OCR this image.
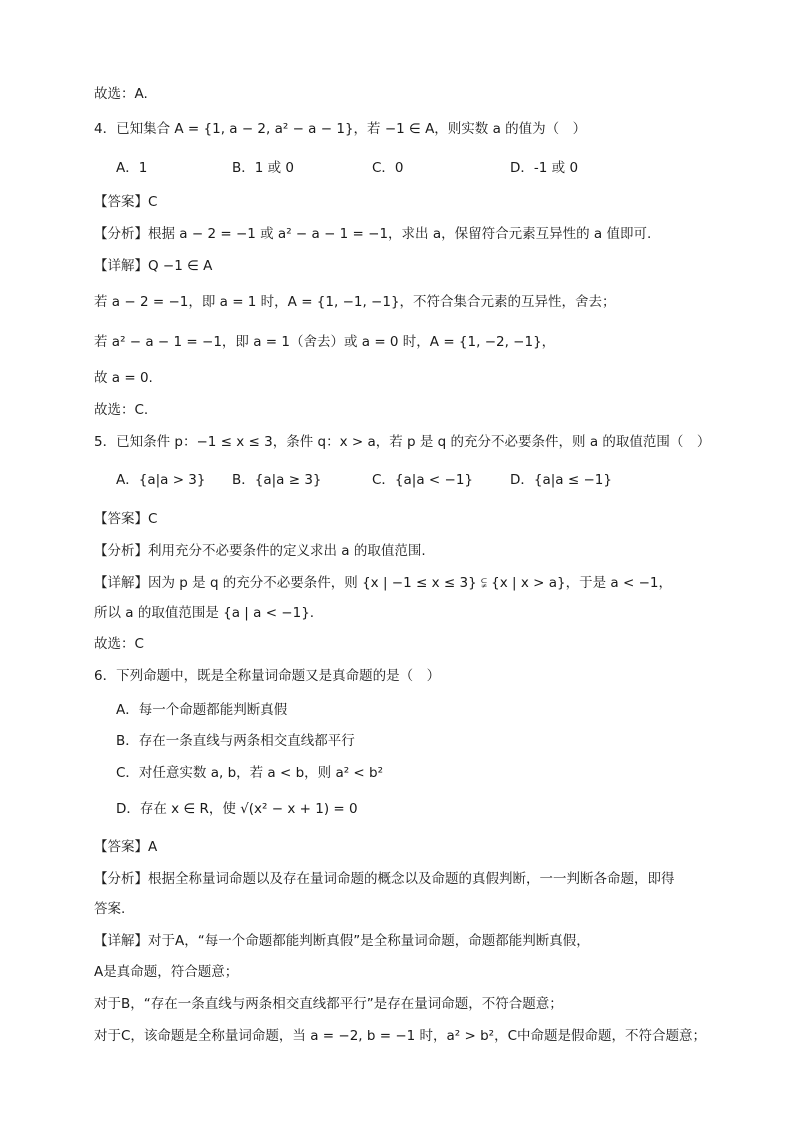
故选：A.
4．已知集合 A = {1, a − 2, a² − a − 1}，若 −1 ∈ A，则实数 a 的值为（　）
A．1	B．1 或 0	C．0	D．-1 或 0
【答案】C
【分析】根据 a − 2 = −1 或 a² − a − 1 = −1，求出 a，保留符合元素互异性的 a 值即可.
【详解】Q −1 ∈ A
若 a − 2 = −1，即 a = 1 时，A = {1, −1, −1}，不符合集合元素的互异性，舍去；
若 a² − a − 1 = −1，即 a = 1（舍去）或 a = 0 时，A = {1, −2, −1}，
故 a = 0.
故选：C.
5．已知条件 p：−1 ≤ x ≤ 3，条件 q：x > a，若 p 是 q 的充分不必要条件，则 a 的取值范围（　）
A．{a|a > 3} B．{a|a ≥ 3}	C．{a|a < −1}	D．{a|a ≤ −1}
【答案】C
【分析】利用充分不必要条件的定义求出 a 的取值范围.
【详解】因为 p 是 q 的充分不必要条件，则 {x | −1 ≤ x ≤ 3} ⫋ {x | x > a}，于是 a < −1，
所以 a 的取值范围是 {a | a < −1}.
故选：C
6．下列命题中，既是全称量词命题又是真命题的是（　）
A．每一个命题都能判断真假
B．存在一条直线与两条相交直线都平行
C．对任意实数 a, b，若 a < b，则 a² < b²
D．存在 x ∈ R，使 √(x² − x + 1) = 0
【答案】A
【分析】根据全称量词命题以及存在量词命题的概念以及命题的真假判断，一一判断各命题，即得
答案.
【详解】对于A，“每一个命题都能判断真假”是全称量词命题，命题都能判断真假，
A是真命题，符合题意；
对于B，“存在一条直线与两条相交直线都平行”是存在量词命题，不符合题意；
对于C，该命题是全称量词命题，当 a = −2, b = −1 时，a² > b²，C中命题是假命题，不符合题意；
